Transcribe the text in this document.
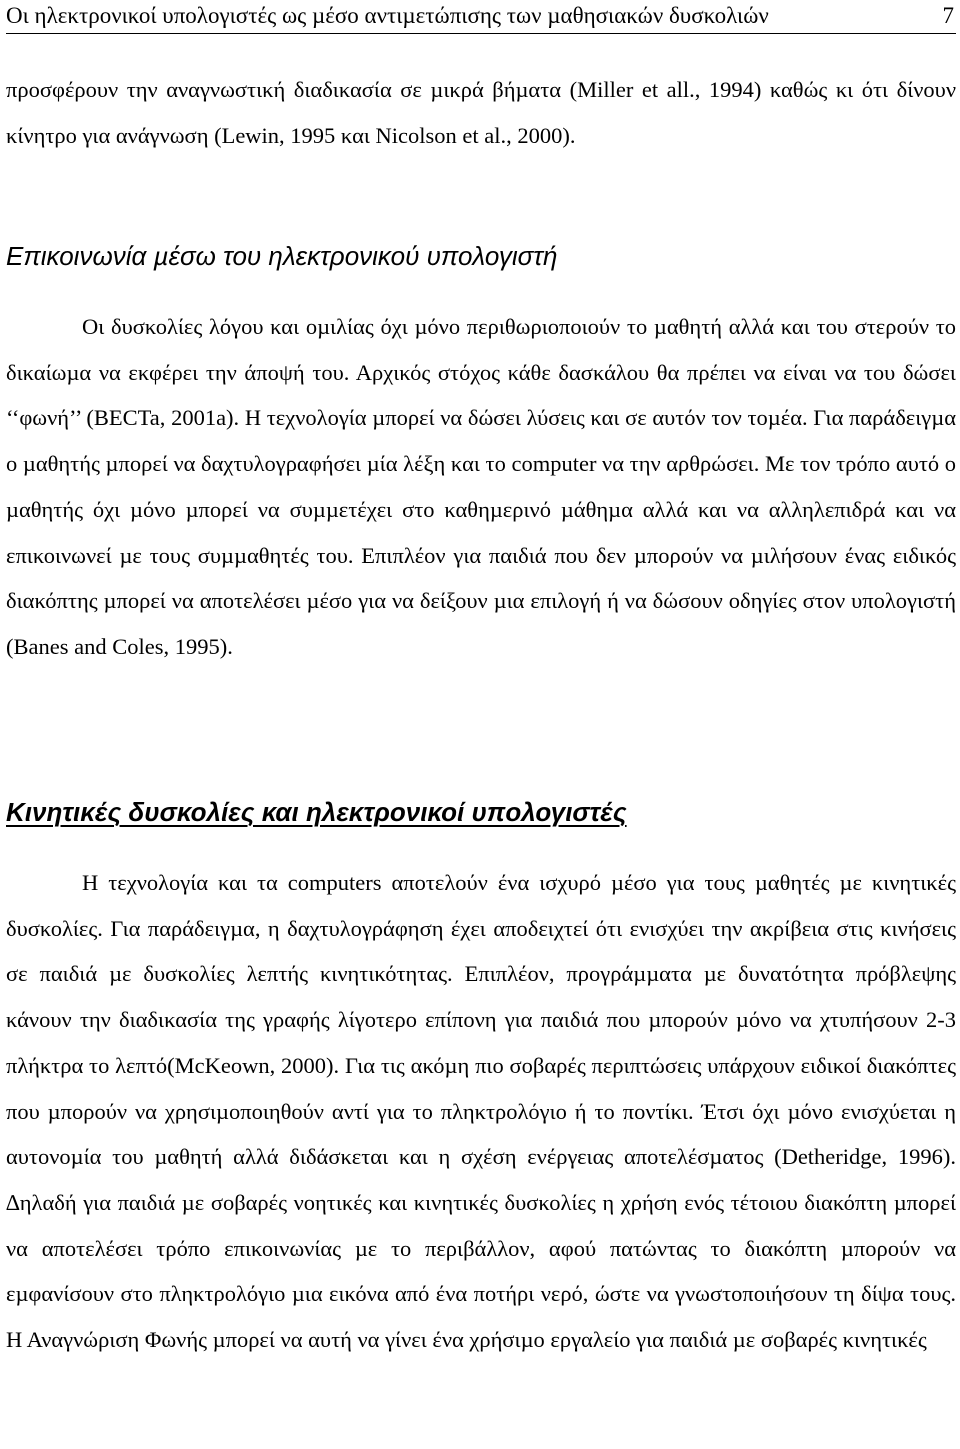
Οι ηλεκτρονικοί υπολογιστές ως µέσο αντιµετώπισης των µαθησιακών δυσκολιών	7

προσφέρουν την αναγνωστική διαδικασία σε µικρά βήµατα (Miller et all., 1994) καθώς κι ότι δίνουν κίνητρο για ανάγνωση (Lewin, 1995 και Nicolson et al., 2000).

Επικοινωνία µέσω του ηλεκτρονικού υπολογιστή

Οι δυσκολίες λόγου και οµιλίας όχι µόνο περιθωριοποιούν το µαθητή αλλά και του στερούν το δικαίωµα να εκφέρει την άποψή του. Αρχικός στόχος κάθε δασκάλου θα πρέπει να είναι να του δώσει ‘‘φωνή’’ (BECTa, 2001a). Η τεχνολογία µπορεί να δώσει λύσεις και σε αυτόν τον τοµέα. Για παράδειγµα ο µαθητής µπορεί να δαχτυλογραφήσει µία λέξη και το computer να την αρθρώσει. Με τον τρόπο αυτό ο µαθητής όχι µόνο µπορεί να συµµετέχει στο καθηµερινό µάθηµα αλλά και να αλληλεπιδρά και να επικοινωνεί µε τους συµµαθητές του. Επιπλέον για παιδιά που δεν µπορούν να µιλήσουν ένας ειδικός διακόπτης µπορεί να αποτελέσει µέσο για να δείξουν µια επιλογή ή να δώσουν οδηγίες στον υπολογιστή (Banes and Coles, 1995).

Κινητικές δυσκολίες και ηλεκτρονικοί υπολογιστές

Η τεχνολογία και τα computers αποτελούν ένα ισχυρό µέσο για τους µαθητές µε κινητικές δυσκολίες. Για παράδειγµα, η δαχτυλογράφηση έχει αποδειχτεί ότι ενισχύει την ακρίβεια στις κινήσεις σε παιδιά µε δυσκολίες λεπτής κινητικότητας. Επιπλέον, προγράµµατα µε δυνατότητα πρόβλεψης κάνουν την διαδικασία της γραφής λίγοτερο επίπονη για παιδιά που µπορούν µόνο να χτυπήσουν 2-3 πλήκτρα το λεπτό(McKeown, 2000). Για τις ακόµη πιο σοβαρές περιπτώσεις υπάρχουν ειδικοί διακόπτες που µπορούν να χρησιµοποιηθούν αντί για το πληκτρολόγιο ή το ποντίκι. Έτσι όχι µόνο ενισχύεται η αυτονοµία του µαθητή αλλά διδάσκεται και η σχέση ενέργειας αποτελέσµατος (Detheridge, 1996). ∆ηλαδή για παιδιά µε σοβαρές νοητικές και κινητικές δυσκολίες η χρήση ενός τέτοιου διακόπτη µπορεί να αποτελέσει τρόπο επικοινωνίας µε το περιβάλλον, αφού πατώντας το διακόπτη µπορούν να εµφανίσουν στο πληκτρολόγιο µια εικόνα από ένα ποτήρι νερό, ώστε να γνωστοποιήσουν τη δίψα τους. Η Αναγνώριση Φωνής µπορεί να αυτή να γίνει ένα χρήσιµο εργαλείο για παιδιά µε σοβαρές κινητικές
